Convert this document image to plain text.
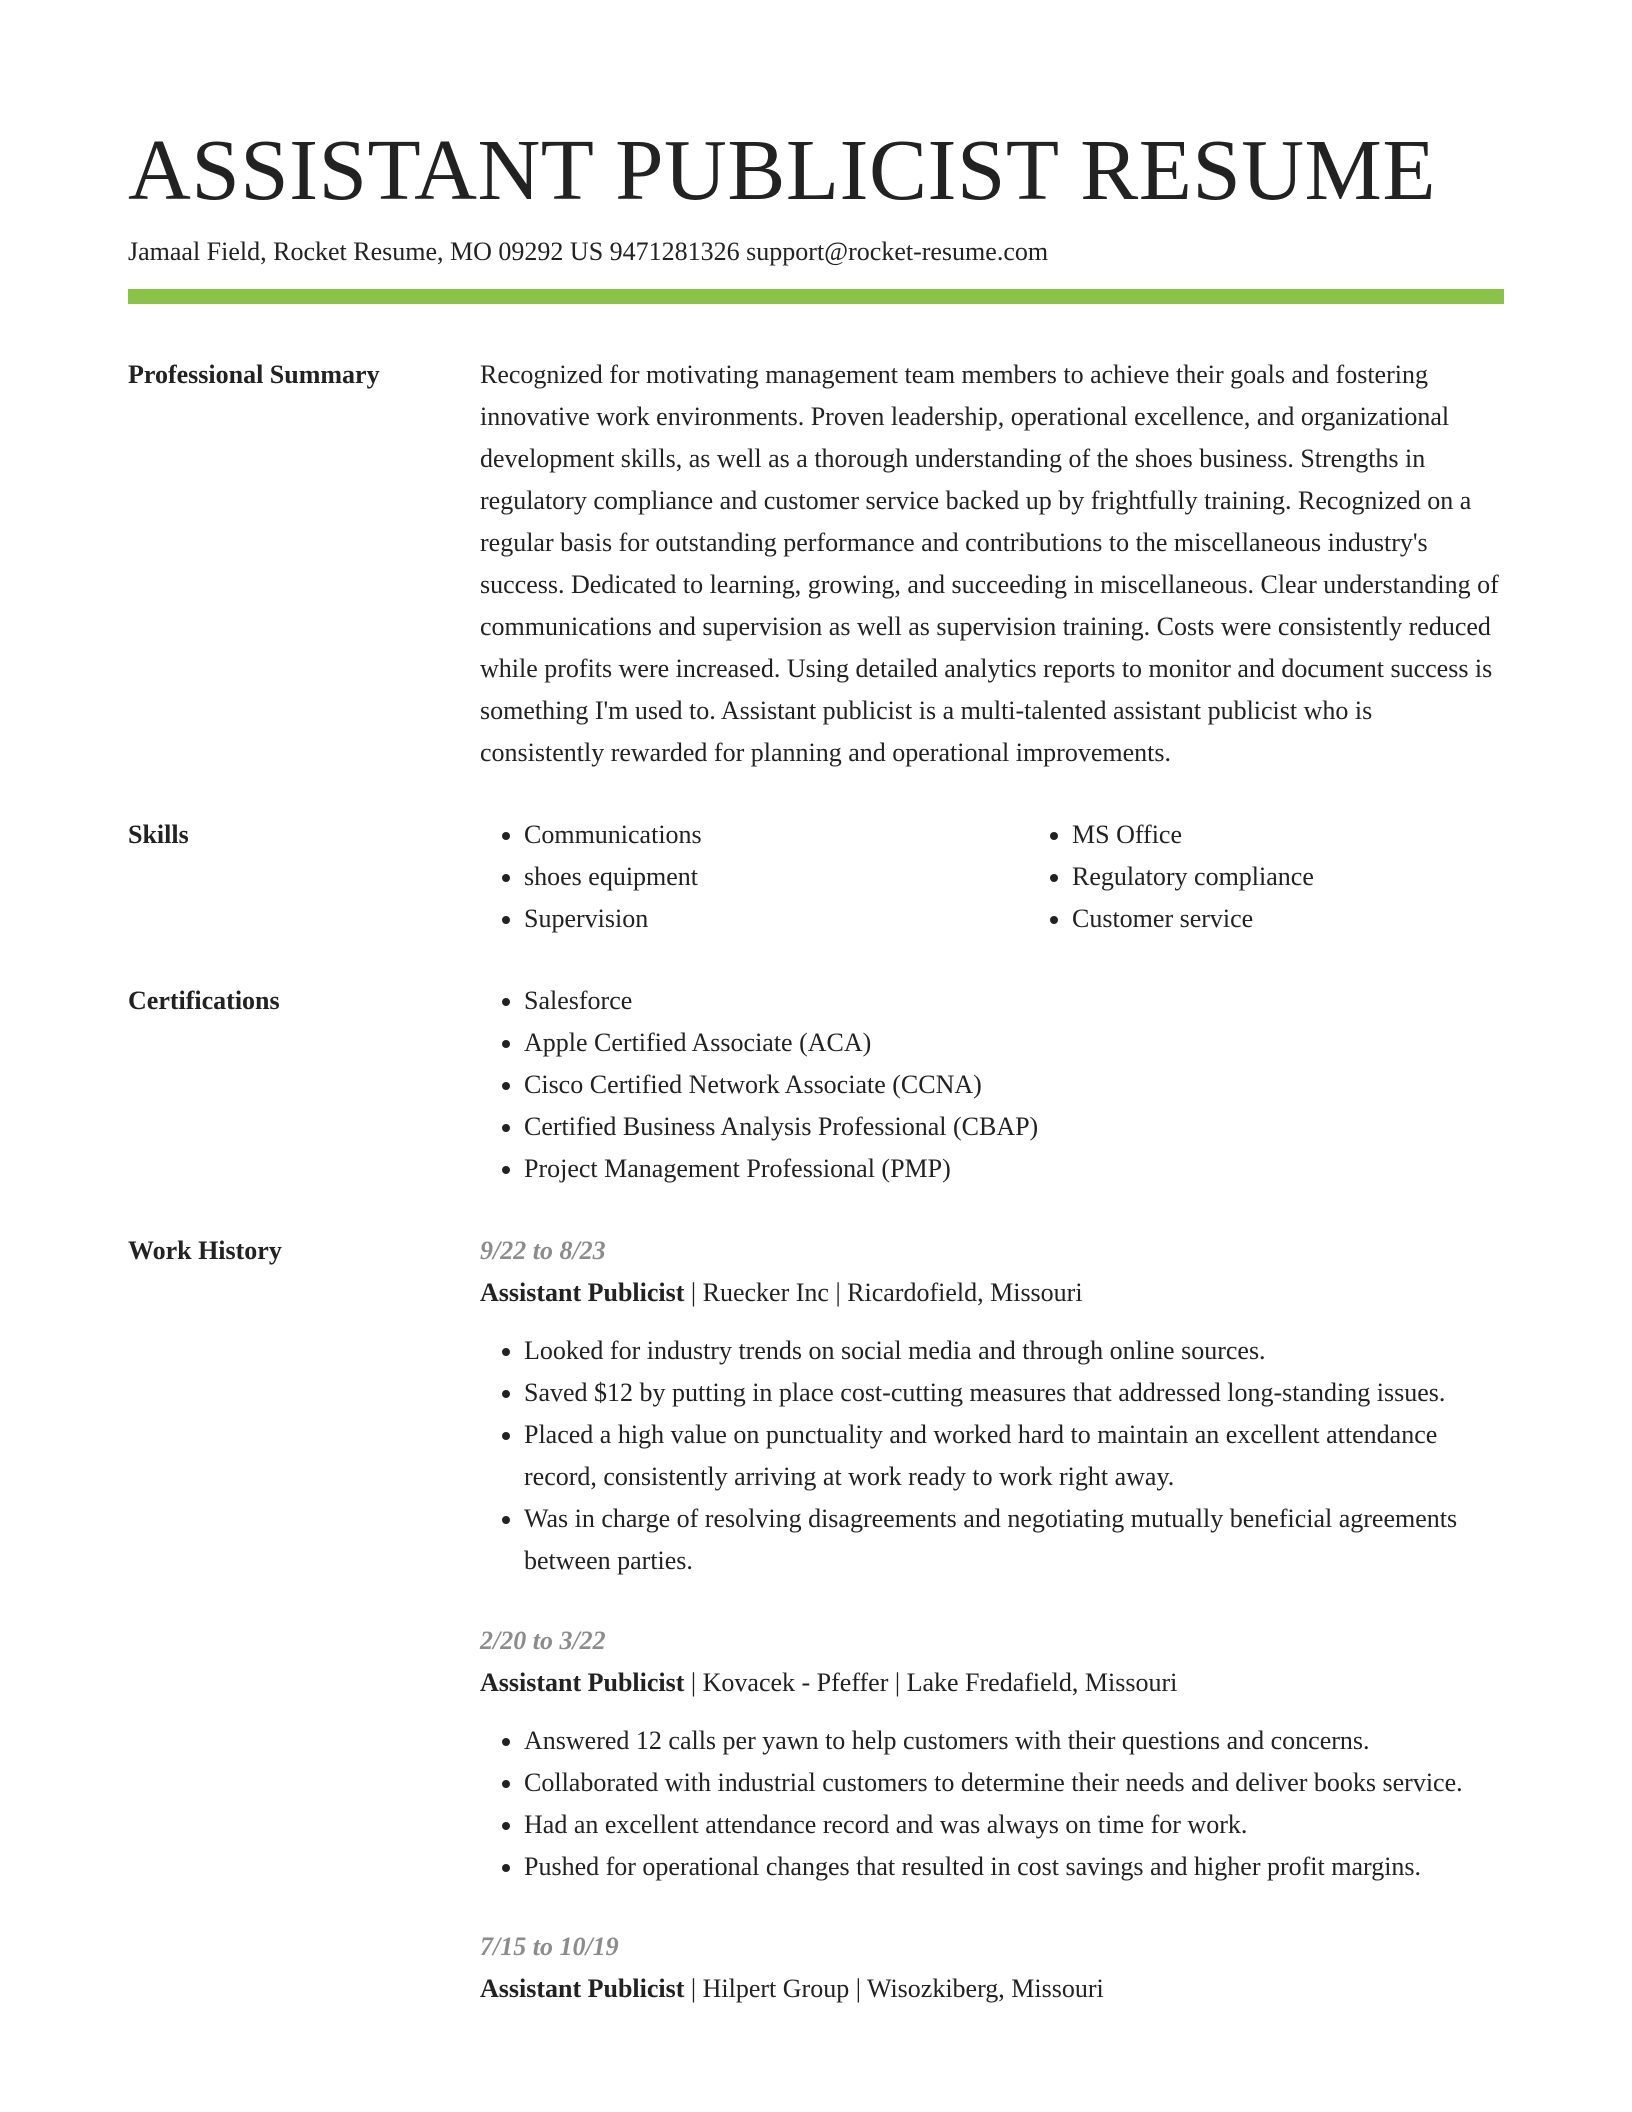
ASSISTANT PUBLICIST RESUME
Jamaal Field, Rocket Resume, MO 09292 US 9471281326 support@rocket-resume.com
Professional Summary	Recognized for motivating management team members to achieve their goals and fostering innovative work environments. Proven leadership, operational excellence, and organizational development skills, as well as a thorough understanding of the shoes business. Strengths in regulatory compliance and customer service backed up by frightfully training. Recognized on a regular basis for outstanding performance and contributions to the miscellaneous industry's success. Dedicated to learning, growing, and succeeding in miscellaneous. Clear understanding of communications and supervision as well as supervision training. Costs were consistently reduced while profits were increased. Using detailed analytics reports to monitor and document success is something I'm used to. Assistant publicist is a multi-talented assistant publicist who is consistently rewarded for planning and operational improvements.

Skills	• Communications
• shoes equipment
• Supervision
• MS Office
• Regulatory compliance
• Customer service
Certifications	• Salesforce
• Apple Certified Associate (ACA)
• Cisco Certified Network Associate (CCNA)
• Certified Business Analysis Professional (CBAP)
• Project Management Professional (PMP)
Work History	9/22 to 8/23
Assistant Publicist | Ruecker Inc | Ricardofield, Missouri
• Looked for industry trends on social media and through online sources.
• Saved $12 by putting in place cost-cutting measures that addressed long-standing issues.
• Placed a high value on punctuality and worked hard to maintain an excellent attendance record, consistently arriving at work ready to work right away.
• Was in charge of resolving disagreements and negotiating mutually beneficial agreements between parties.
2/20 to 3/22
Assistant Publicist | Kovacek - Pfeffer | Lake Fredafield, Missouri
• Answered 12 calls per yawn to help customers with their questions and concerns.
• Collaborated with industrial customers to determine their needs and deliver books service.
• Had an excellent attendance record and was always on time for work.
• Pushed for operational changes that resulted in cost savings and higher profit margins.
7/15 to 10/19
Assistant Publicist | Hilpert Group | Wisozkiberg, Missouri
